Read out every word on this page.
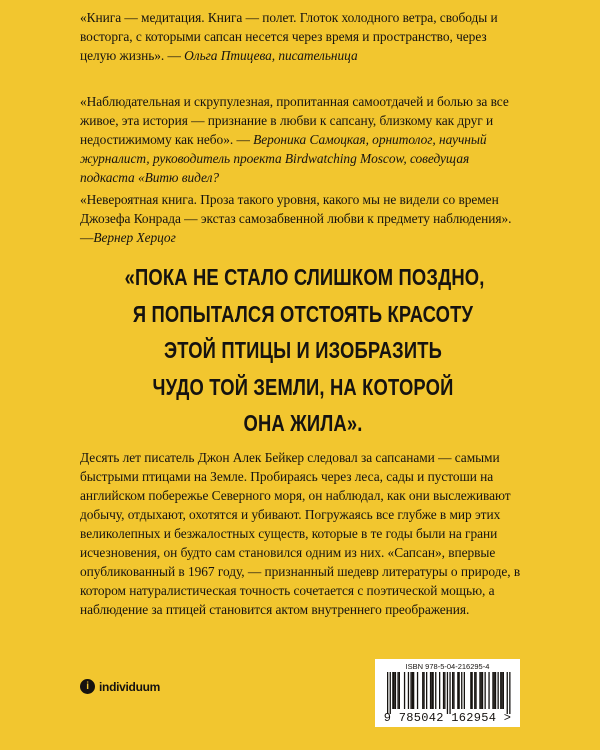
«Книга — медитация. Книга — полет. Глоток холодного ветра, свободы и восторга, с которыми сапсан несется через время и пространство, через целую жизнь». — Ольга Птицева, писательница

«Наблюдательная и скрупулезная, пропитанная самоотдачей и болью за все живое, эта история — признание в любви к сапсану, близкому как друг и недостижимому как небо». — Вероника Самоцкая, орнитолог, научный журналист, руководитель проекта Birdwatching Moscow, соведущая подкаста «Витю видел?

«Невероятная книга. Проза такого уровня, какого мы не видели со времен Джозефа Конрада — экстаз самозабвенной любви к предмету наблюдения». —Вернер Херцог

«ПОКА НЕ СТАЛО СЛИШКОМ ПОЗДНО,
Я ПОПЫТАЛСЯ ОТСТОЯТЬ КРАСОТУ
ЭТОЙ ПТИЦЫ И ИЗОБРАЗИТЬ
ЧУДО ТОЙ ЗЕМЛИ, НА КОТОРОЙ
ОНА ЖИЛА».

Десять лет писатель Джон Алек Бейкер следовал за сапсанами — самыми быстрыми птицами на Земле. Пробираясь через леса, сады и пустоши на английском побережье Северного моря, он наблюдал, как они выслеживают добычу, отдыхают, охотятся и убивают. Погружаясь все глубже в мир этих великолепных и безжалостных существ, которые в те годы были на грани исчезновения, он будто сам становился одним из них. «Сапсан», впервые опубликованный в 1967 году, — признанный шедевр литературы о природе, в котором натуралистическая точность сочетается с поэтической мощью, а наблюдение за птицей становится актом внутреннего преображения.

i individuum
ISBN 978-5-04-216295-4
9 785042 162954 >
